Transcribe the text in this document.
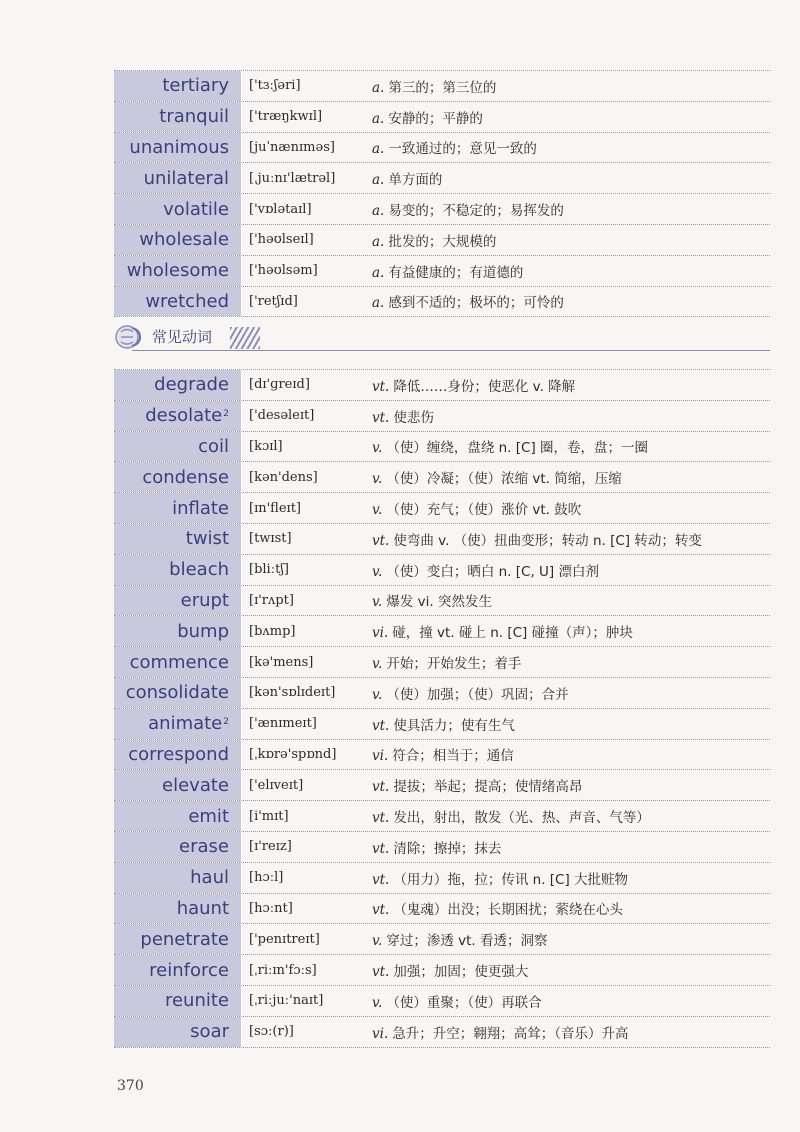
tertiary	['tɜːʃəri]	a. 第三的；第三位的
tranquil	['træŋkwɪl]	a. 安静的；平静的
unanimous	[juˈnænɪməs]	a. 一致通过的；意见一致的
unilateral	[ˌjuːnɪ'lætrəl]	a. 单方面的
volatile	['vɒlətaɪl]	a. 易变的；不稳定的；易挥发的
wholesale	['həʊlseɪl]	a. 批发的；大规模的
wholesome	['həʊlsəm]	a. 有益健康的；有道德的
wretched	['retʃɪd]	a. 感到不适的；极坏的；可怜的
常见动词
degrade	[dɪ'ɡreɪd]	vt. 降低……身份；使恶化 v. 降解
desolate$^2$	['desəleɪt]	vt. 使悲伤
coil	[kɔɪl]	v. （使）缠绕，盘绕 n. [C] 圈，卷，盘；一圈
condense	[kən'dens]	v. （使）冷凝；（使）浓缩 vt. 简缩，压缩
inflate	[ɪn'fleɪt]	v. （使）充气；（使）涨价 vt. 鼓吹
twist	[twɪst]	vt. 使弯曲 v. （使）扭曲变形；转动 n. [C] 转动；转变
bleach	[bliːtʃ]	v. （使）变白；晒白 n. [C, U] 漂白剂
erupt	[ɪ'rʌpt]	v. 爆发 vi. 突然发生
bump	[bʌmp]	vi. 碰，撞 vt. 碰上 n. [C] 碰撞（声）；肿块
commence	[kə'mens]	v. 开始；开始发生；着手
consolidate	[kən'sɒlɪdeɪt]	v. （使）加强；（使）巩固；合并
animate$^2$	['ænɪmeɪt]	vt. 使具活力；使有生气
correspond	[ˌkɒrə'spɒnd]	vi. 符合；相当于；通信
elevate	['elɪveɪt]	vt. 提拔；举起；提高；使情绪高昂
emit	[i'mɪt]	vt. 发出，射出，散发（光、热、声音、气等）
erase	[ɪ'reɪz]	vt. 清除；擦掉；抹去
haul	[hɔːl]	vt. （用力）拖，拉；传讯 n. [C] 大批赃物
haunt	[hɔːnt]	vt. （鬼魂）出没；长期困扰；萦绕在心头
penetrate	['penɪtreɪt]	v. 穿过；渗透 vt. 看透；洞察
reinforce	[ˌriːɪn'fɔːs]	vt. 加强；加固；使更强大
reunite	[ˌriːjuː'naɪt]	v. （使）重聚；（使）再联合
soar	[sɔː(r)]	vi. 急升；升空；翱翔；高耸；（音乐）升高
370
